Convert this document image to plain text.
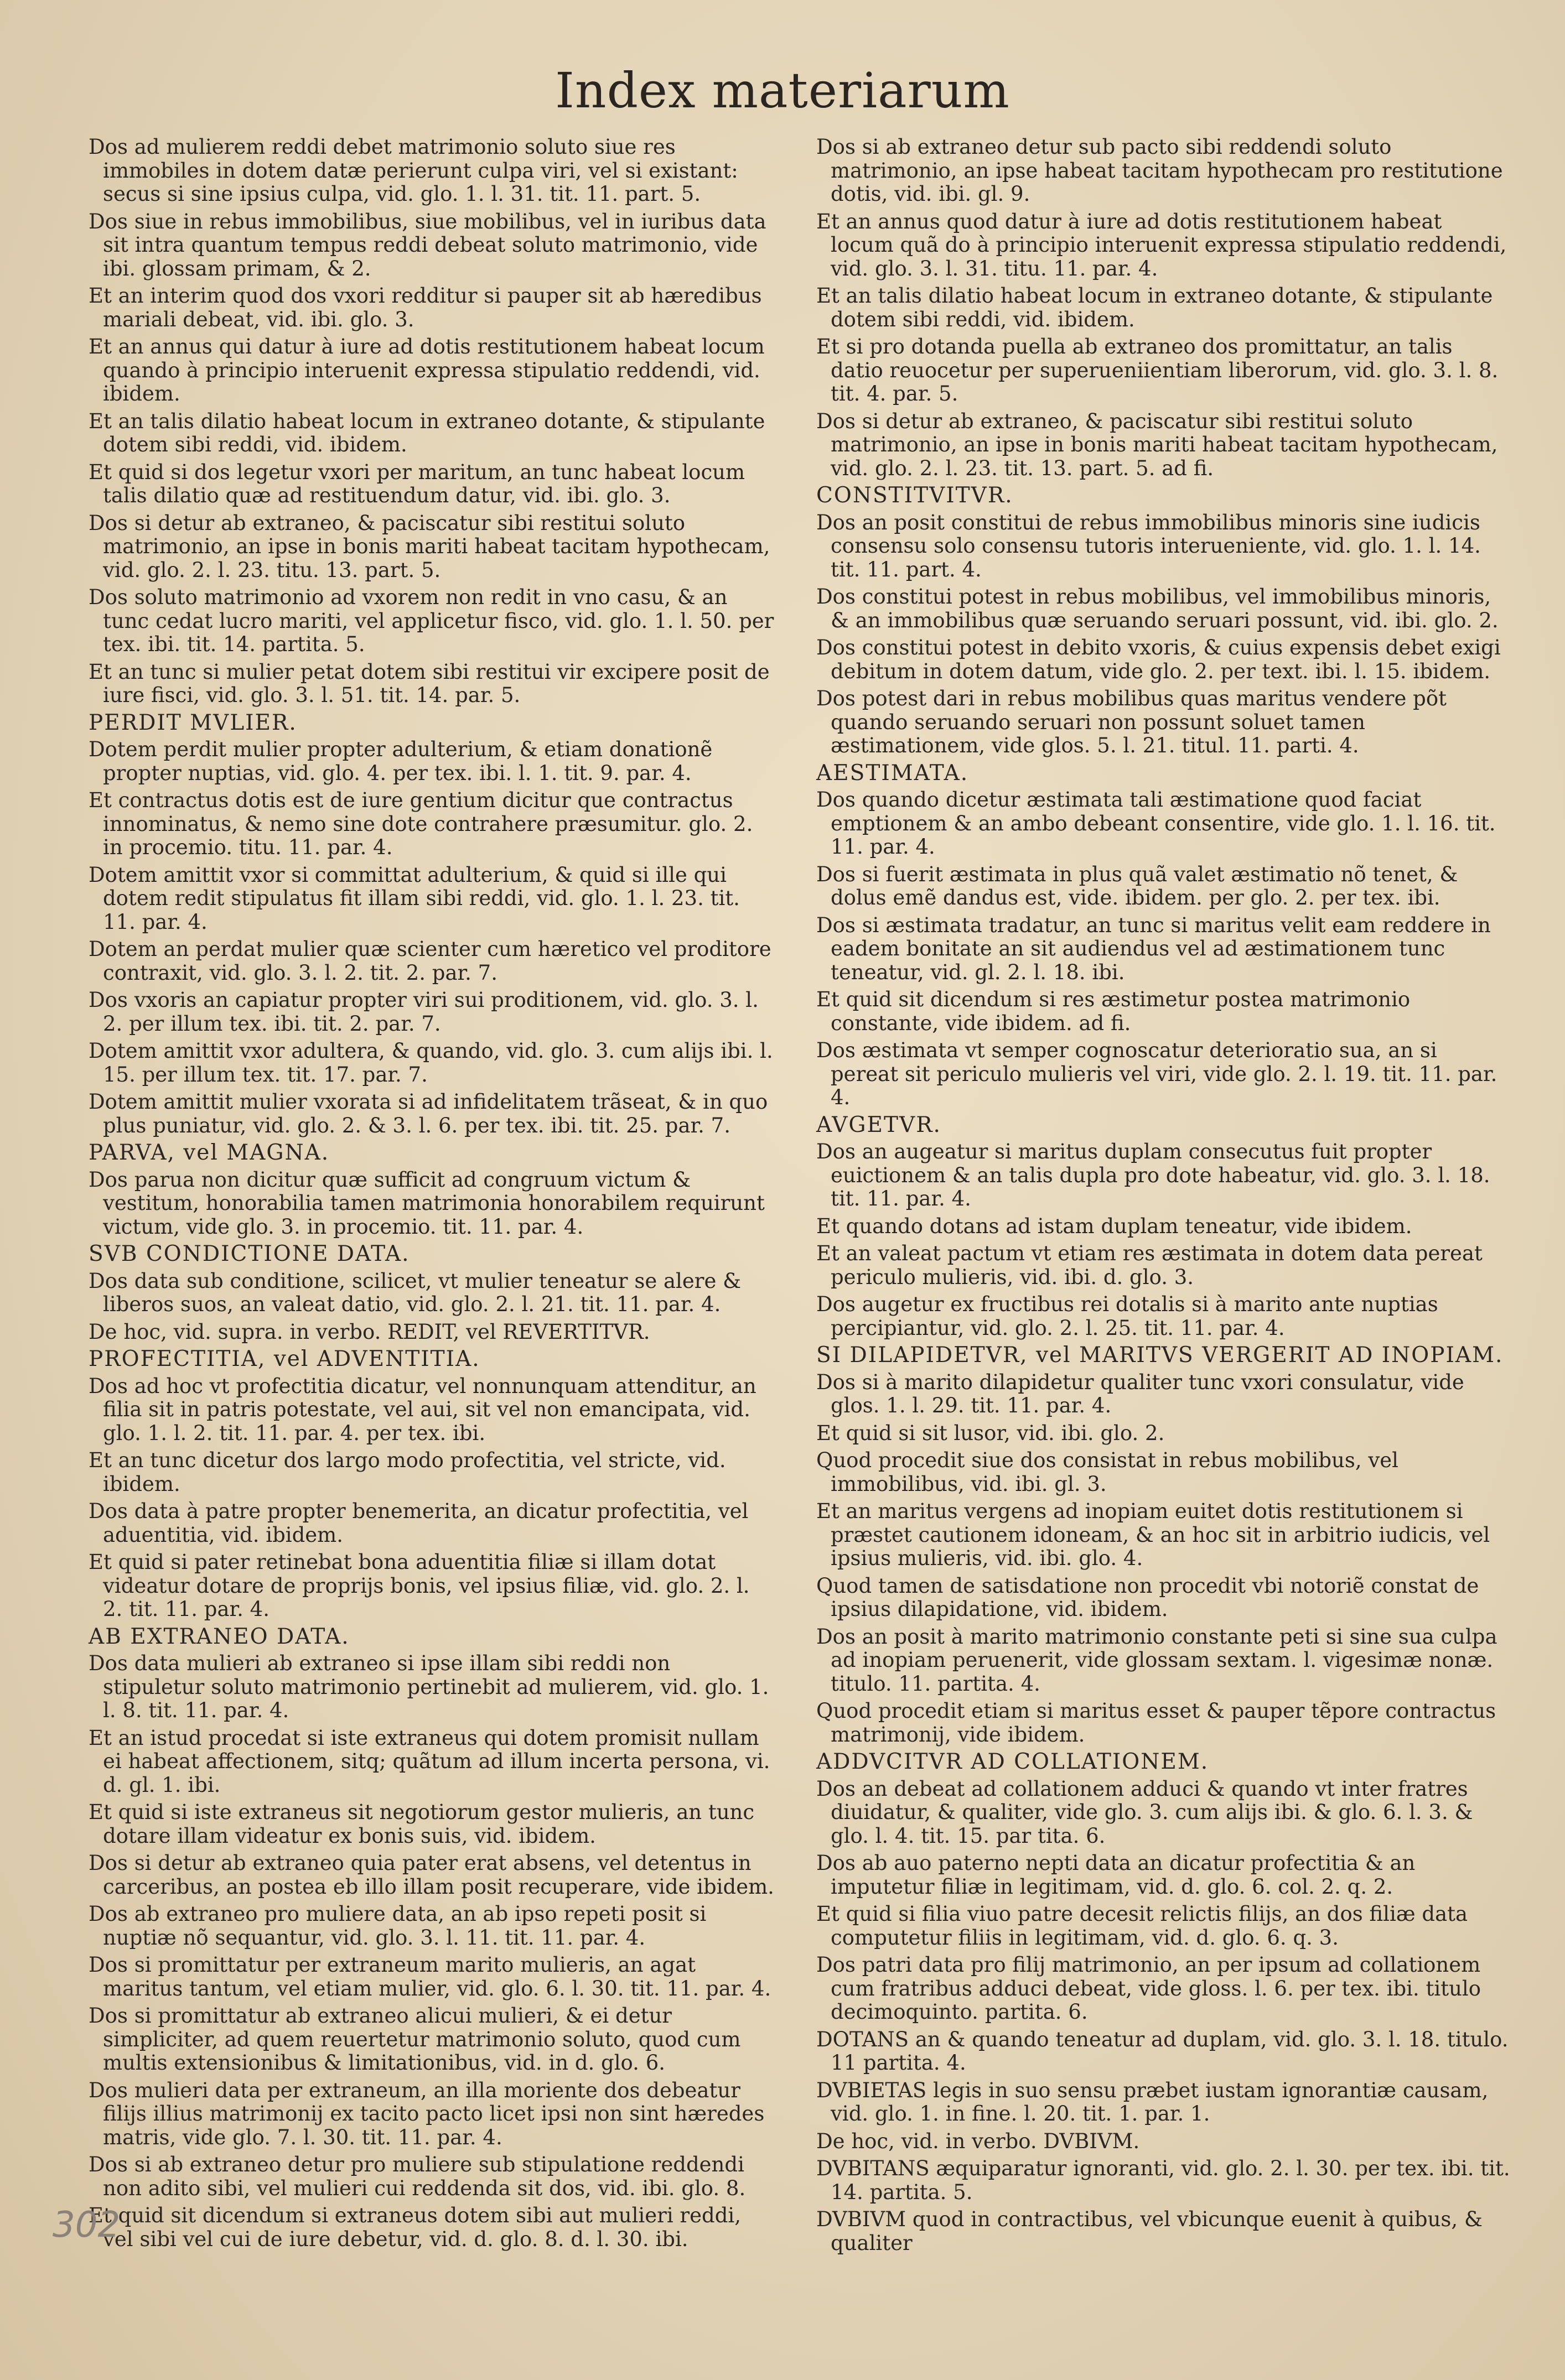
Index materiarum

Dos ad mulierem reddi debet matrimonio soluto siue res immobiles in dotem datæ perierunt culpa viri, vel si existant: secus si sine ipsius culpa, vid. glo. 1. l. 31. tit. 11. part. 5.

Dos siue in rebus immobilibus, siue mobilibus, vel in iuribus data sit intra quantum tempus reddi debeat soluto matrimonio, vide ibi. glossam primam, & 2.

Et an interim quod dos vxori redditur si pauper sit ab hæredibus mariali debeat, vid. ibi. glo. 3.

Et an annus qui datur à iure ad dotis restitutionem habeat locum quando à principio interuenit expressa stipulatio reddendi, vid. ibidem.

Et an talis dilatio habeat locum in extraneo dotante, & stipulante dotem sibi reddi, vid. ibidem.

Et quid si dos legetur vxori per maritum, an tunc habeat locum talis dilatio quæ ad restituendum datur, vid. ibi. glo. 3.

Dos si detur ab extraneo, & paciscatur sibi restitui soluto matrimonio, an ipse in bonis mariti habeat tacitam hypothecam, vid. glo. 2. l. 23. titu. 13. part. 5.

Dos soluto matrimonio ad vxorem non redit in vno casu, & an tunc cedat lucro mariti, vel applicetur fisco, vid. glo. 1. l. 50. per tex. ibi. tit. 14. partita. 5.

Et an tunc si mulier petat dotem sibi restitui vir excipere posit de iure fisci, vid. glo. 3. l. 51. tit. 14. par. 5.

PERDIT MVLIER.

Dotem perdit mulier propter adulterium, & etiam donationẽ propter nuptias, vid. glo. 4. per tex. ibi. l. 1. tit. 9. par. 4.

Et contractus dotis est de iure gentium dicitur que contractus innominatus, & nemo sine dote contrahere præsumitur. glo. 2. in procemio. titu. 11. par. 4.

Dotem amittit vxor si committat adulterium, & quid si ille qui dotem redit stipulatus fit illam sibi reddi, vid. glo. 1. l. 23. tit. 11. par. 4.

Dotem an perdat mulier quæ scienter cum hæretico vel proditore contraxit, vid. glo. 3. l. 2. tit. 2. par. 7.

Dos vxoris an capiatur propter viri sui proditionem, vid. glo. 3. l. 2. per illum tex. ibi. tit. 2. par. 7.

Dotem amittit vxor adultera, & quando, vid. glo. 3. cum alijs ibi. l. 15. per illum tex. tit. 17. par. 7.

Dotem amittit mulier vxorata si ad infidelitatem trãseat, & in quo plus puniatur, vid. glo. 2. & 3. l. 6. per tex. ibi. tit. 25. par. 7.

PARVA, vel MAGNA.

Dos parua non dicitur quæ sufficit ad congruum victum & vestitum, honorabilia tamen matrimonia honorabilem requirunt victum, vide glo. 3. in procemio. tit. 11. par. 4.

SVB CONDICTIONE DATA.

Dos data sub conditione, scilicet, vt mulier teneatur se alere & liberos suos, an valeat datio, vid. glo. 2. l. 21. tit. 11. par. 4.

De hoc, vid. supra. in verbo. REDIT, vel REVERTITVR.

PROFECTITIA, vel ADVENTITIA.

Dos ad hoc vt profectitia dicatur, vel nonnunquam attenditur, an filia sit in patris potestate, vel aui, sit vel non emancipata, vid. glo. 1. l. 2. tit. 11. par. 4. per tex. ibi.

Et an tunc dicetur dos largo modo profectitia, vel stricte, vid. ibidem.

Dos data à patre propter benemerita, an dicatur profectitia, vel aduentitia, vid. ibidem.

Et quid si pater retinebat bona aduentitia filiæ si illam dotat videatur dotare de proprijs bonis, vel ipsius filiæ, vid. glo. 2. l. 2. tit. 11. par. 4.

AB EXTRANEO DATA.

Dos data mulieri ab extraneo si ipse illam sibi reddi non stipuletur soluto matrimonio pertinebit ad mulierem, vid. glo. 1. l. 8. tit. 11. par. 4.

Et an istud procedat si iste extraneus qui dotem promisit nullam ei habeat affectionem, sitq; quãtum ad illum incerta persona, vi. d. gl. 1. ibi.

Et quid si iste extraneus sit negotiorum gestor mulieris, an tunc dotare illam videatur ex bonis suis, vid. ibidem.

Dos si detur ab extraneo quia pater erat absens, vel detentus in carceribus, an postea eb illo illam posit recuperare, vide ibidem.

Dos ab extraneo pro muliere data, an ab ipso repeti posit si nuptiæ nõ sequantur, vid. glo. 3. l. 11. tit. 11. par. 4.

Dos si promittatur per extraneum marito mulieris, an agat maritus tantum, vel etiam mulier, vid. glo. 6. l. 30. tit. 11. par. 4.

Dos si promittatur ab extraneo alicui mulieri, & ei detur simpliciter, ad quem reuertetur matrimonio soluto, quod cum multis extensionibus & limitationibus, vid. in d. glo. 6.

Dos mulieri data per extraneum, an illa moriente dos debeatur filijs illius matrimonij ex tacito pacto licet ipsi non sint hæredes matris, vide glo. 7. l. 30. tit. 11. par. 4.

Dos si ab extraneo detur pro muliere sub stipulatione reddendi non adito sibi, vel mulieri cui reddenda sit dos, vid. ibi. glo. 8.

Et quid sit dicendum si extraneus dotem sibi aut mulieri reddi, vel sibi vel cui de iure debetur, vid. d. glo. 8. d. l. 30. ibi.

Dos si ab extraneo detur sub pacto sibi reddendi soluto matrimonio, an ipse habeat tacitam hypothecam pro restitutione dotis, vid. ibi. gl. 9.

Et an annus quod datur à iure ad dotis restitutionem habeat locum quã do à principio interuenit expressa stipulatio reddendi, vid. glo. 3. l. 31. titu. 11. par. 4.

Et an talis dilatio habeat locum in extraneo dotante, & stipulante dotem sibi reddi, vid. ibidem.

Et si pro dotanda puella ab extraneo dos promittatur, an talis datio reuocetur per superueniientiam liberorum, vid. glo. 3. l. 8. tit. 4. par. 5.

Dos si detur ab extraneo, & paciscatur sibi restitui soluto matrimonio, an ipse in bonis mariti habeat tacitam hypothecam, vid. glo. 2. l. 23. tit. 13. part. 5. ad fi.

CONSTITVITVR.

Dos an posit constitui de rebus immobilibus minoris sine iudicis consensu solo consensu tutoris interueniente, vid. glo. 1. l. 14. tit. 11. part. 4.

Dos constitui potest in rebus mobilibus, vel immobilibus minoris, & an immobilibus quæ seruando seruari possunt, vid. ibi. glo. 2.

Dos constitui potest in debito vxoris, & cuius expensis debet exigi debitum in dotem datum, vide glo. 2. per text. ibi. l. 15. ibidem.

Dos potest dari in rebus mobilibus quas maritus vendere põt quando seruando seruari non possunt soluet tamen æstimationem, vide glos. 5. l. 21. titul. 11. parti. 4.

AESTIMATA.

Dos quando dicetur æstimata tali æstimatione quod faciat emptionem & an ambo debeant consentire, vide glo. 1. l. 16. tit. 11. par. 4.

Dos si fuerit æstimata in plus quã valet æstimatio nõ tenet, & dolus emẽ dandus est, vide. ibidem. per glo. 2. per tex. ibi.

Dos si æstimata tradatur, an tunc si maritus velit eam reddere in eadem bonitate an sit audiendus vel ad æstimationem tunc teneatur, vid. gl. 2. l. 18. ibi.

Et quid sit dicendum si res æstimetur postea matrimonio constante, vide ibidem. ad fi.

Dos æstimata vt semper cognoscatur deterioratio sua, an si pereat sit periculo mulieris vel viri, vide glo. 2. l. 19. tit. 11. par. 4.

AVGETVR.

Dos an augeatur si maritus duplam consecutus fuit propter euictionem & an talis dupla pro dote habeatur, vid. glo. 3. l. 18. tit. 11. par. 4.

Et quando dotans ad istam duplam teneatur, vide ibidem.

Et an valeat pactum vt etiam res æstimata in dotem data pereat periculo mulieris, vid. ibi. d. glo. 3.

Dos augetur ex fructibus rei dotalis si à marito ante nuptias percipiantur, vid. glo. 2. l. 25. tit. 11. par. 4.

SI DILAPIDETVR, vel MARITVS VERGERIT AD INOPIAM.

Dos si à marito dilapidetur qualiter tunc vxori consulatur, vide glos. 1. l. 29. tit. 11. par. 4.

Et quid si sit lusor, vid. ibi. glo. 2.

Quod procedit siue dos consistat in rebus mobilibus, vel immobilibus, vid. ibi. gl. 3.

Et an maritus vergens ad inopiam euitet dotis restitutionem si præstet cautionem idoneam, & an hoc sit in arbitrio iudicis, vel ipsius mulieris, vid. ibi. glo. 4.

Quod tamen de satisdatione non procedit vbi notoriẽ constat de ipsius dilapidatione, vid. ibidem.

Dos an posit à marito matrimonio constante peti si sine sua culpa ad inopiam peruenerit, vide glossam sextam. l. vigesimæ nonæ. titulo. 11. partita. 4.

Quod procedit etiam si maritus esset & pauper tẽpore contractus matrimonij, vide ibidem.

ADDVCITVR AD COLLATIONEM.

Dos an debeat ad collationem adduci & quando vt inter fratres diuidatur, & qualiter, vide glo. 3. cum alijs ibi. & glo. 6. l. 3. & glo. l. 4. tit. 15. par tita. 6.

Dos ab auo paterno nepti data an dicatur profectitia & an imputetur filiæ in legitimam, vid. d. glo. 6. col. 2. q. 2.

Et quid si filia viuo patre decesit relictis filijs, an dos filiæ data computetur filiis in legitimam, vid. d. glo. 6. q. 3.

Dos patri data pro filij matrimonio, an per ipsum ad collationem cum fratribus adduci debeat, vide gloss. l. 6. per tex. ibi. titulo decimoquinto. partita. 6.

DOTANS an & quando teneatur ad duplam, vid. glo. 3. l. 18. titulo. 11 partita. 4.

DVBIETAS legis in suo sensu præbet iustam ignorantiæ causam, vid. glo. 1. in fine. l. 20. tit. 1. par. 1.

De hoc, vid. in verbo. DVBIVM.

DVBITANS æquiparatur ignoranti, vid. glo. 2. l. 30. per tex. ibi. tit. 14. partita. 5.

DVBIVM quod in contractibus, vel vbicunque euenit à quibus, & qualiter

302
